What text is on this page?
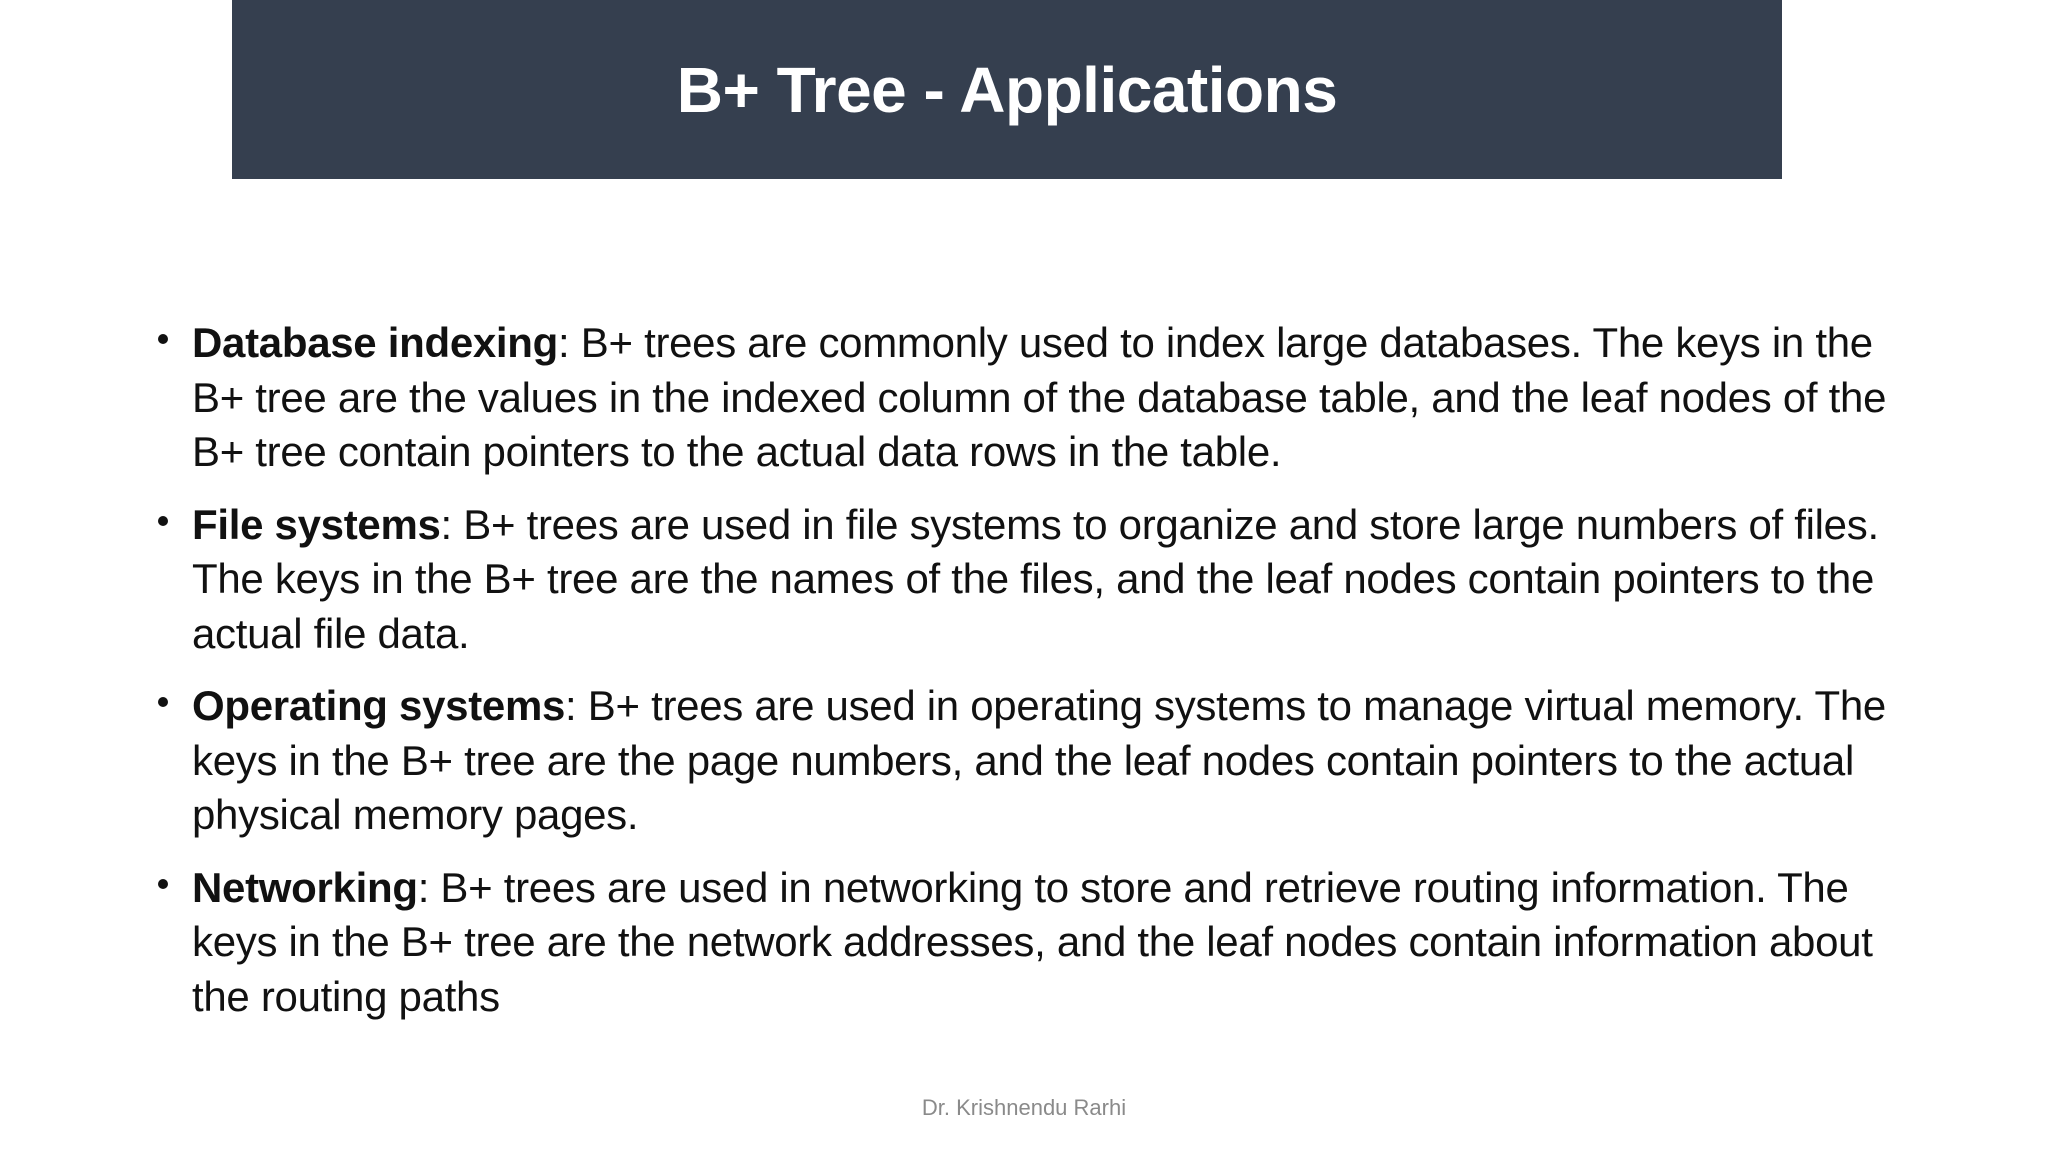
B+ Tree - Applications
Database indexing: B+ trees are commonly used to index large databases. The keys in the B+ tree are the values in the indexed column of the database table, and the leaf nodes of the B+ tree contain pointers to the actual data rows in the table.
File systems: B+ trees are used in file systems to organize and store large numbers of files. The keys in the B+ tree are the names of the files, and the leaf nodes contain pointers to the actual file data.
Operating systems: B+ trees are used in operating systems to manage virtual memory. The keys in the B+ tree are the page numbers, and the leaf nodes contain pointers to the actual physical memory pages.
Networking: B+ trees are used in networking to store and retrieve routing information. The keys in the B+ tree are the network addresses, and the leaf nodes contain information about the routing paths
Dr. Krishnendu Rarhi
